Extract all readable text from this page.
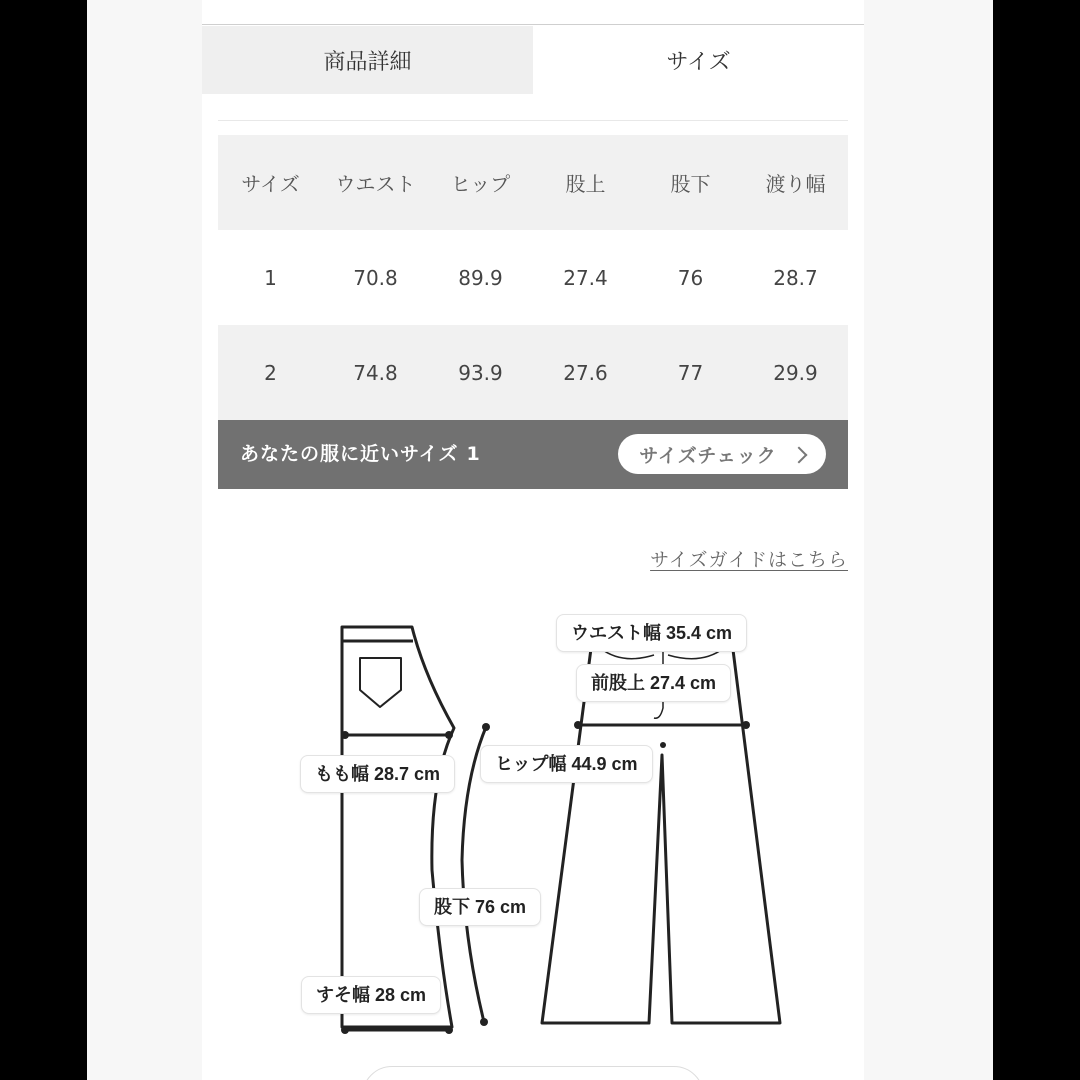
商品詳細	サイズ
サイズ	ウエスト	ヒップ	股上	股下	渡り幅
1	70.8	89.9	27.4	76	28.7
2	74.8	93.9	27.6	77	29.9
あなたの服に近いサイズ 1	サイズチェック
サイズガイドはこちら
ウエスト幅 35.4 cm
前股上 27.4 cm
もも幅 28.7 cm	ヒップ幅 44.9 cm
股下 76 cm
すそ幅 28 cm
